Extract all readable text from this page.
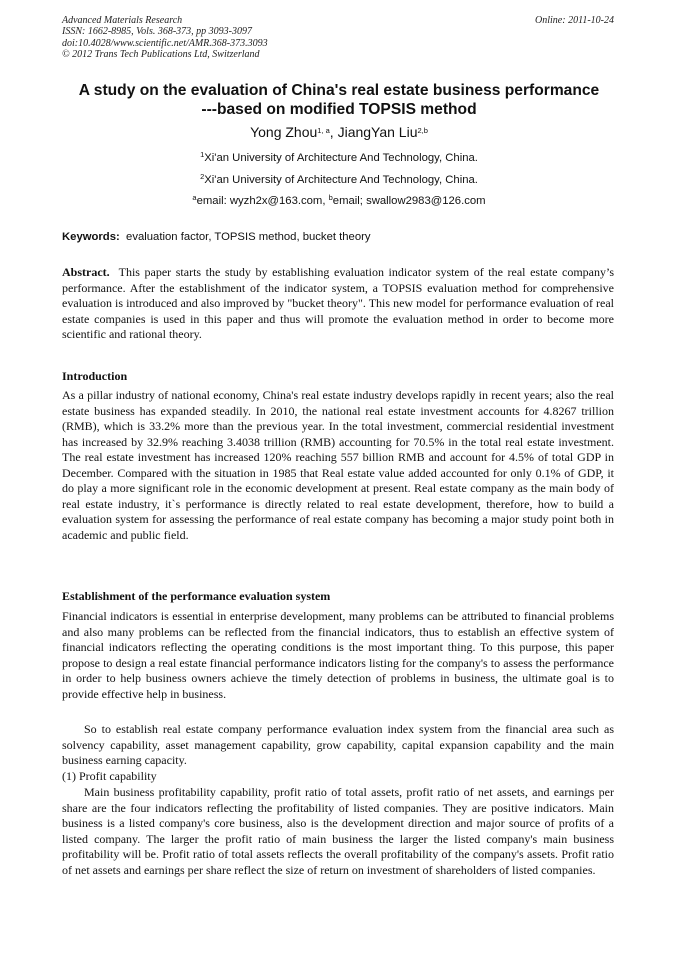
Advanced Materials Research
ISSN: 1662-8985, Vols. 368-373, pp 3093-3097
doi:10.4028/www.scientific.net/AMR.368-373.3093
© 2012 Trans Tech Publications Ltd, Switzerland
Online: 2011-10-24
A study on the evaluation of China's real estate business performance
---based on modified TOPSIS method
Yong Zhou$^{1, a}$, JiangYan Liu$^{2,b}$
$^1$Xi'an University of Architecture And Technology, China.
$^2$Xi'an University of Architecture And Technology, China.
$^a$email: wyzh2x@163.com, $^b$email; swallow2983@126.com
Keywords: evaluation factor, TOPSIS method, bucket theory

Abstract. This paper starts the study by establishing evaluation indicator system of the real estate company’s performance. After the establishment of the indicator system, a TOPSIS evaluation method for comprehensive evaluation is introduced and also improved by "bucket theory". This new model for performance evaluation of real estate companies is used in this paper and thus will promote the evaluation method in order to become more scientific and rational theory.

Introduction

As a pillar industry of national economy, China's real estate industry develops rapidly in recent years; also the real estate business has expanded steadily. In 2010, the national real estate investment accounts for 4.8267 trillion (RMB), which is 33.2% more than the previous year. In the total investment, commercial residential investment has increased by 32.9% reaching 3.4038 trillion (RMB) accounting for 70.5% in the total real estate investment. The real estate investment has increased 120% reaching 557 billion RMB and account for 4.5% of total GDP in December. Compared with the situation in 1985 that Real estate value added accounted for only 0.1% of GDP, it do play a more significant role in the economic development at present. Real estate company as the main body of real estate industry, it`s performance is directly related to real estate development, therefore, how to build a evaluation system for assessing the performance of real estate company has becoming a major study point both in academic and public field.

Establishment of the performance evaluation system

Financial indicators is essential in enterprise development, many problems can be attributed to financial problems and also many problems can be reflected from the financial indicators, thus to establish an effective system of financial indicators reflecting the operating conditions is the most important thing. To this purpose, this paper propose to design a real estate financial performance indicators listing for the company's to assess the performance in order to help business owners achieve the timely detection of problems in business, the ultimate goal is to provide effective help in business.

So to establish real estate company performance evaluation index system from the financial area such as solvency capability, asset management capability, grow capability, capital expansion capability and the main business earning capacity.

(1) Profit capability

Main business profitability capability, profit ratio of total assets, profit ratio of net assets, and earnings per share are the four indicators reflecting the profitability of listed companies. They are positive indicators. Main business is a listed company's core business, also is the development direction and major source of profits of a listed company. The larger the profit ratio of main business the larger the listed company's main business profitability will be. Profit ratio of total assets reflects the overall profitability of the company's assets. Profit ratio of net assets and earnings per share reflect the size of return on investment of shareholders of listed companies.
